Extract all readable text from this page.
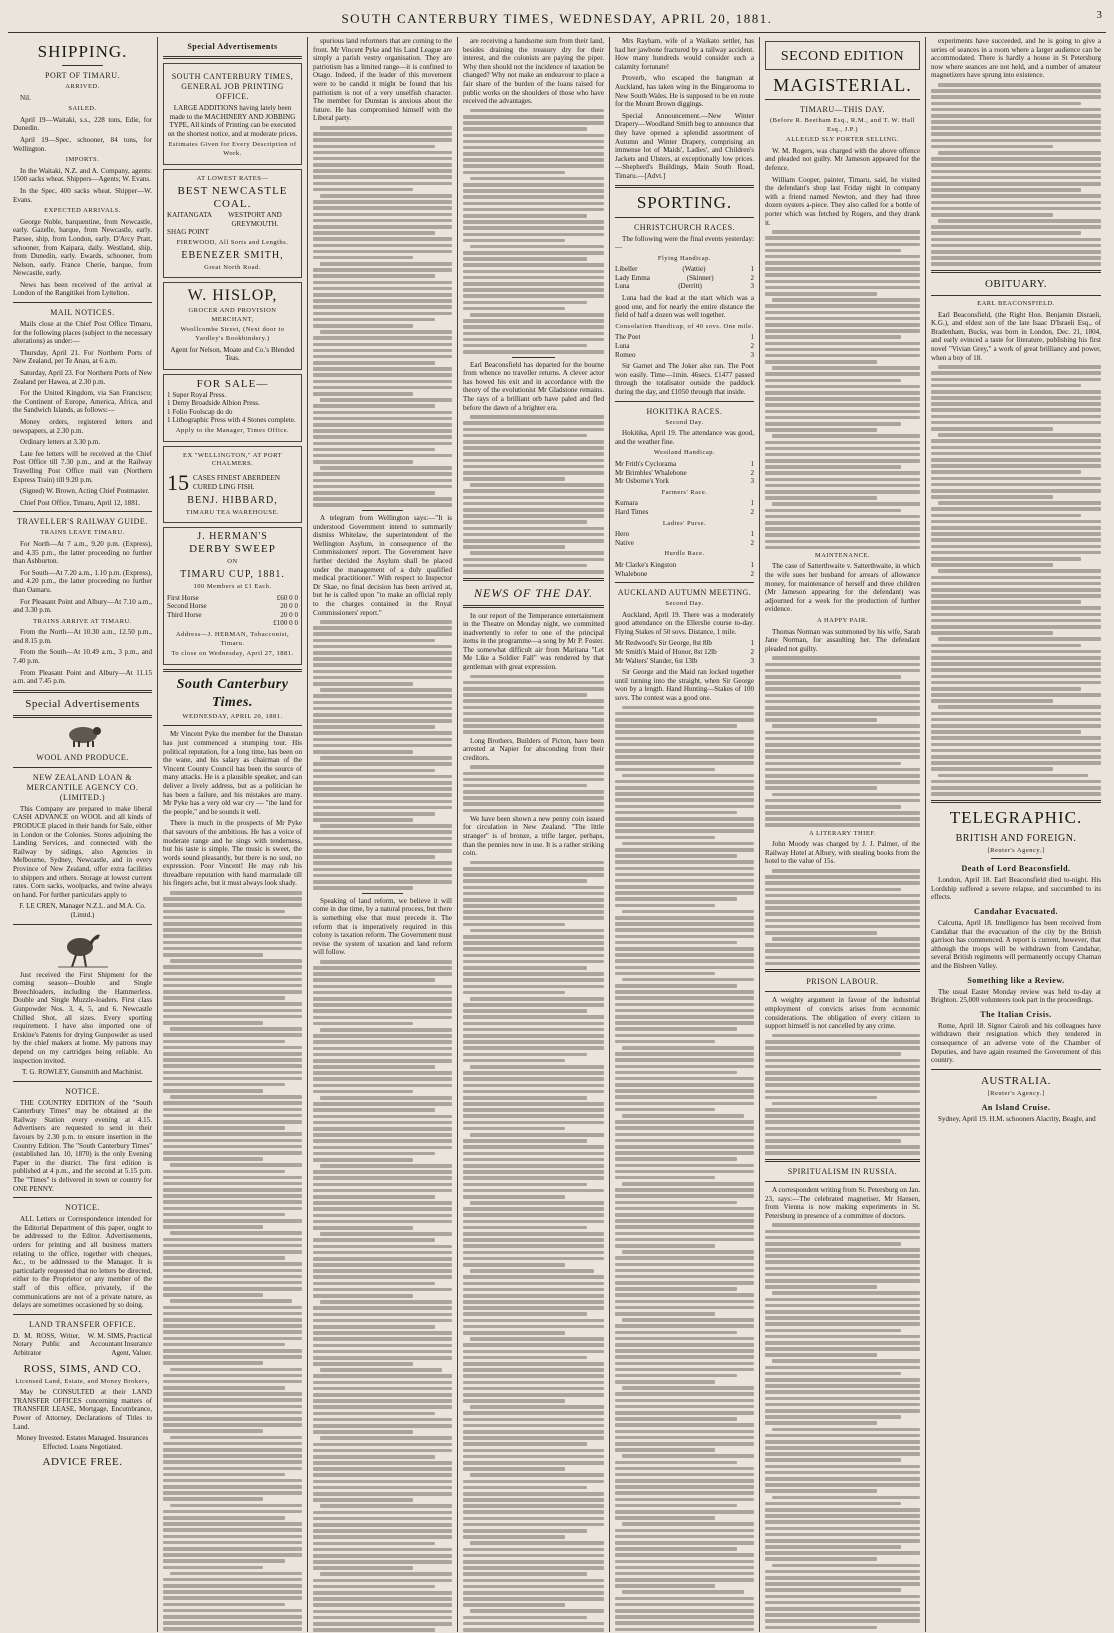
SOUTH CANTERBURY TIMES, WEDNESDAY, APRIL 20, 1881.	3
SHIPPING.
PORT OF TIMARU.
ARRIVED.

Nil.

SAILED.

April 19—Waitaki, s.s., 228 tons, Edie, for Dunedin.

April 19—Spec, schooner, 84 tons, for Wellington.

IMPORTS.

In the Waitaki, N.Z. and A. Company, agents: 1500 sacks wheat. Shippers—Agents; W. Evans.

In the Spec, 400 sacks wheat. Shipper—W. Evans.

EXPECTED ARRIVALS.

George Noble, barquentine, from Newcastle, early. Gazelle, barque, from Newcastle, early. Parsee, ship, from London, early. D'Arcy Pratt, schooner, from Kaipara, daily. Westland, ship, from Dunedin, early. Ewards, schooner, from Nelson, early. France Cherie, barque, from Newcastle, early.

News has been received of the arrival at London of the Rangitikei from Lyttelton.

MAIL NOTICES.

Mails close at the Chief Post Office Timaru, for the following places (subject to the necessary alterations) as under:—

Thursday, April 21. For Northern Ports of New Zealand, per Te Anau, at 6 a.m.

Saturday, April 23. For Northern Ports of New Zealand per Hawea, at 2.30 p.m.

For the United Kingdom, via San Francisco; the Continent of Europe, America, Africa, and the Sandwich Islands, as follows:—

Money orders, registered letters and newspapers, at 2.30 p.m.

Ordinary letters at 3.30 p.m.

Late fee letters will be received at the Chief Post Office till 7.30 p.m., and at the Railway Travelling Post Office mail van (Northern Express Train) till 9.20 p.m.

(Signed) W. Brown, Acting Chief Postmaster.

Chief Post Office, Timaru, April 12, 1881.

TRAVELLER'S RAILWAY GUIDE.
TRAINS LEAVE TIMARU.

For North—At 7 a.m., 9.20 p.m. (Express), and 4.35 p.m., the latter proceeding no further than Ashburton.

For South—At 7.20 a.m., 1.10 p.m. (Express), and 4.20 p.m., the latter proceeding no further than Oamaru.

For Pleasant Point and Albury—At 7.10 a.m., and 3.30 p.m.

TRAINS ARRIVE AT TIMARU.

From the North—At 10.30 a.m., 12.50 p.m., and 8.15 p.m.

From the South—At 10.49 a.m., 3 p.m., and 7.40 p.m.

From Pleasant Point and Albury—At 11.15 a.m. and 7.45 p.m.

Special Advertisements
WOOL AND PRODUCE.
NEW ZEALAND LOAN & MERCANTILE AGENCY CO. (LIMITED.)

This Company are prepared to make liberal CASH ADVANCE on WOOL and all kinds of PRODUCE placed in their hands for Sale, either in London or the Colonies. Stores adjoining the Landing Services, and connected with the Railway by sidings, also Agencies in Melbourne, Sydney, Newcastle, and in every Province of New Zealand, offer extra facilities to shippers and others. Storage at lowest current rates. Corn sacks, woolpacks, and twine always on hand. For further particulars apply to

F. LE CREN, Manager N.Z.L. and M.A. Co. (Limtd.)

Just received the First Shipment for the coming season—Double and Single Breechloaders, including the Hammerless. Double and Single Muzzle-loaders. First class Gunpowder Nos. 3, 4, 5, and 6. Newcastle Chilled Shot, all sizes. Every sporting requirement. I have also imported one of Erskine's Patents for drying Gunpowder as used by the chief makers at home. My patrons may depend on my cartridges being reliable. An inspection invited.

T. G. ROWLEY, Gunsmith and Machinist.

NOTICE.

THE COUNTRY EDITION of the "South Canterbury Times" may be obtained at the Railway Station every evening at 4.15. Advertisers are requested to send in their favours by 2.30 p.m. to ensure insertion in the Country Edition. The "South Canterbury Times" (established Jan. 10, 1870) is the only Evening Paper in the district. The first edition is published at 4 p.m., and the second at 5.15 p.m. The "Times" is delivered in town or country for ONE PENNY.

NOTICE.

ALL Letters or Correspondence intended for the Editorial Department of this paper, ought to be addressed to the Editor. Advertisements, orders for printing and all business matters relating to the office, together with cheques, &c., to be addressed to the Manager. It is particularly requested that no letters be directed, either to the Proprietor or any member of the staff of this office, privately, if the communications are not of a private nature, as delays are sometimes occasioned by so doing.

LAND TRANSFER OFFICE.
D. M. ROSS, Writer, Notary Public and Arbitrator
W. M. SIMS, Practical Accountant Insurance Agent, Valuer.
ROSS, SIMS, AND CO.
Licensed Land, Estate, and Money Brokers,

May be CONSULTED at their LAND TRANSFER OFFICES concerning matters of TRANSFER LEASE, Mortgage, Encumbrance, Power of Attorney, Declarations of Titles to Land.

Money Invested. Estates Managed. Insurances Effected. Loans Negotiated.

ADVICE FREE.
Special Advertisements
SOUTH CANTERBURY TIMES, GENERAL JOB PRINTING OFFICE.

LARGE ADDITIONS having lately been made to the MACHINERY AND JOBBING TYPE, All kinds of Printing can be executed on the shortest notice, and at moderate prices.

Estimates Given for Every Description of Work.
AT LOWEST RATES—
BEST NEWCASTLE COAL.
KAITANGATA	WESTPORT AND GREYMOUTH.
SHAG POINT
FIREWOOD, All Sorts and Lengths.
EBENEZER SMITH,
Great North Road.
W. HISLOP,
GROCER AND PROVISION MERCHANT,
Woollcombe Street, (Next door to Yardley's Bookbindery.)

Agent for Nelson, Moate and Co.'s Blended Teas.

FOR SALE—
1 Super Royal Press.
1 Demy Broadside Albion Press.
1 Folio Foolscap do do
1 Lithographic Press with 4 Stones complete.
Apply to the Manager, Times Office.
EX "WELLINGTON," AT PORT CHALMERS.
15 CASES FINEST ABERDEEN CURED LING FISH.
BENJ. HIBBARD,
TIMARU TEA WAREHOUSE.
J. HERMAN'S
DERBY SWEEP
ON
TIMARU CUP, 1881.
100 Members at £1 Each.
First Horse	£60 0 0
Second Horse	20 0 0
Third Horse	20 0 0
£100 0 0
Address—J. HERMAN, Tobacconist, Timaru.
To close on Wednesday, April 27, 1881.
South Canterbury Times.
WEDNESDAY, APRIL 20, 1881.

Mr Vincent Pyke the member for the Dunstan has just commenced a stumping tour. His political reputation, for a long time, has been on the wane, and his salary as chairman of the Vincent County Council has been the source of many attacks. He is a plausible speaker, and can deliver a lively address, but as a politician he has been a failure, and his mistakes are many. Mr Pyke has a very old war cry — "the land for the people," and he sounds it well.

There is much in the prospects of Mr Pyke that savours of the ambitious. He has a voice of moderate range and he sings with tenderness, but his taste is simple. The music is sweet, the words sound pleasantly, but there is no soul, no expression. Poor Vincent! He may rub his threadbare reputation with hand marmalade till his fingers ache, but it must always look shady.

spurious land reformers that are coming to the front. Mr Vincent Pyke and his Land League are simply a parish vestry organisation. They are patriotism has a limited range—it is confined to Otago. Indeed, if the leader of this movement were to be candid it might be found that his patriotism is not of a very unselfish character. The member for Dunstan is anxious about the future. He has compromised himself with the Liberal party.

A telegram from Wellington says:—"It is understood Government intend to summarily dismiss Whitelaw, the superintendent of the Wellington Asylum, in consequence of the Commissioners' report. The Government have further decided the Asylum shall be placed under the management of a duly qualified medical practitioner." With respect to Inspector Dr Skae, no final decision has been arrived at, but he is called upon "to make an official reply to the charges contained in the Royal Commissioners' report."

Speaking of land reform, we believe it will come in due time, by a natural process, but there is something else that must precede it. The reform that is imperatively required in this colony is taxation reform. The Government must revise the system of taxation and land reform will follow.

are receiving a handsome sum from their land, besides draining the treasury dry for their interest, and the colonists are paying the piper. Why then should not the incidence of taxation be changed? Why not make an endeavour to place a fair share of the burden of the loans raised for public works on the shoulders of those who have received the advantages.

Earl Beaconsfield has departed for the bourne from whence no traveller returns. A clever actor has bowed his exit and in accordance with the theory of the evolutionist Mr Gladstone remains. The rays of a brilliant orb have paled and fled before the dawn of a brighter era.

NEWS OF THE DAY.

In our report of the Temperance entertainment in the Theatre on Monday night, we committed inadvertently to refer to one of the principal items in the programme—a song by Mr P. Foster. The somewhat difficult air from Maritana "Let Me Like a Soldier Fall" was rendered by that gentleman with great expression.

Long Brothers, Builders of Picton, have been arrested at Napier for absconding from their creditors.

We have been shown a new penny coin issued for circulation in New Zealand. "The little stranger" is of bronze, a trifle larger, perhaps, than the pennies now in use. It is a rather striking coin.

Mrs Rayham, wife of a Waikato settler, has had her jawbone fractured by a railway accident. How many hundreds would consider such a calamity fortunate!

Proverb, who escaped the hangman at Auckland, has taken wing in the Bingarooma to New South Wales. He is supposed to be en route for the Mount Brown diggings.

Special Announcement.—New Winter Drapery—Woodland Smith beg to announce that they have opened a splendid assortment of Autumn and Winter Drapery, comprising an immense lot of Maids', Ladies', and Children's Jackets and Ulsters, at exceptionally low prices.—Shepherd's Buildings, Main South Road, Timaru.—[Advt.]

SPORTING.
CHRISTCHURCH RACES.

The following were the final events yesterday:—

Flying Handicap.
Libeller	(Wattie)	1
Lady Emma	(Skinner)	2
Luna	(Derritt)	3

Luna had the lead at the start which was a good one, and for nearly the entire distance the field of half a dozen was well together.

Consolation Handicap, of 40 sovs. One mile.
The Poet	1
Luna	2
Romeo	3

Sir Garnet and The Joker also ran. The Poet won easily. Time—1min. 46secs. £1477 passed through the totalisator outside the paddock during the day, and £1050 through that inside.

HOKITIKA RACES.
Second Day.

Hokitika, April 19. The attendance was good, and the weather fine.

Westland Handicap.
Mr Frith's Cyclorama	1
Mr Brimbles' Whalebone	2
Mr Osborne's York	3
Farmers' Race.
Kumara	1
Hard Times	2
Ladies' Purse.
Hero	1
Native	2
Hurdle Race.
Mr Clarke's Kingston	1
Whalebone	2
AUCKLAND AUTUMN MEETING.
Second Day.

Auckland, April 19. There was a moderately good attendance on the Ellerslie course to-day. Flying Stakes of 50 sovs. Distance, 1 mile.

Mr Redwood's Sir George, 8st 8lb	1
Mr Smith's Maid of Honor, 8st 12lb	2
Mr Walters' Slander, 6st 13lb	3

Sir George and the Maid ran locked together until turning into the straight, when Sir George won by a length. Hand Hunting—Stakes of 100 sovs. The contest was a good one.

SECOND EDITION
MAGISTERIAL.
TIMARU—THIS DAY.
(Before R. Beetham Esq., R.M., and T. W. Hall Esq., J.P.)
ALLEGED SLY PORTER SELLING.

W. M. Rogers, was charged with the above offence and pleaded not guilty. Mr Jameson appeared for the defence.

William Cooper, painter, Timaru, said, he visited the defendant's shop last Friday night in company with a friend named Newton, and they had three dozen oysters a-piece. They also called for a bottle of porter which was fetched by Rogers, and they drank it.

MAINTENANCE.

The case of Satterthwaite v. Satterthwaite, in which the wife sues her husband for arrears of allowance money, for maintenance of herself and three children (Mr Jameson appearing for the defendant) was adjourned for a week for the production of further evidence.

A HAPPY PAIR.

Thomas Norman was summoned by his wife, Sarah Jane Norman, for assaulting her. The defendant pleaded not guilty.

A LITERARY THIEF.

John Moody was charged by J. J. Palmer, of the Railway Hotel at Albury, with stealing books from the hotel to the value of 15s.

PRISON LABOUR.

A weighty argument in favour of the industrial employment of convicts arises from economic considerations. The obligation of every citizen to support himself is not cancelled by any crime.

SPIRITUALISM IN RUSSIA.

A correspondent writing from St. Petersburg on Jan. 23, says:—The celebrated magnetiser, Mr Hansen, from Vienna is now making experiments in St. Petersburg in presence of a committee of doctors.

experiments have succeeded, and he is going to give a series of seances in a room where a larger audience can be accommodated. There is hardly a house in St Petersburg now where seances are not held, and a number of amateur magnetizers have sprung into existence.

OBITUARY.
EARL BEACONSFIELD.

Earl Beaconsfield, (the Right Hon. Benjamin Disraeli, K.G.), and eldest son of the late Isaac D'Israeli Esq., of Bradenham, Bucks, was born in London, Dec. 21, 1804, and early evinced a taste for literature, publishing his first novel "Vivian Grey," a work of great brilliancy and power, when a boy of 18.

TELEGRAPHIC.
BRITISH AND FOREIGN.
[Reuter's Agency.]
Death of Lord Beaconsfield.

London, April 18. Earl Beaconsfield died to-night. His Lordship suffered a severe relapse, and succumbed to its effects.

Candahar Evacuated.

Calcutta, April 18. Intelligence has been received from Candahar that the evacuation of the city by the British garrison has commenced. A report is current, however, that although the troops will be withdrawn from Candahar, several British regiments will permanently occupy Chaman and the Bisheen Valley.

Something like a Review.

The usual Easter Monday review was held to-day at Brighton. 25,000 volunteers took part in the proceedings.

The Italian Crisis.

Rome, April 18. Signor Cairoli and his colleagues have withdrawn their resignation which they tendered in consequence of an adverse vote of the Chamber of Deputies, and have again resumed the Government of this country.

AUSTRALIA.
[Reuter's Agency.]
An Island Cruise.

Sydney, April 19. H.M. schooners Alacrity, Beagle, and
